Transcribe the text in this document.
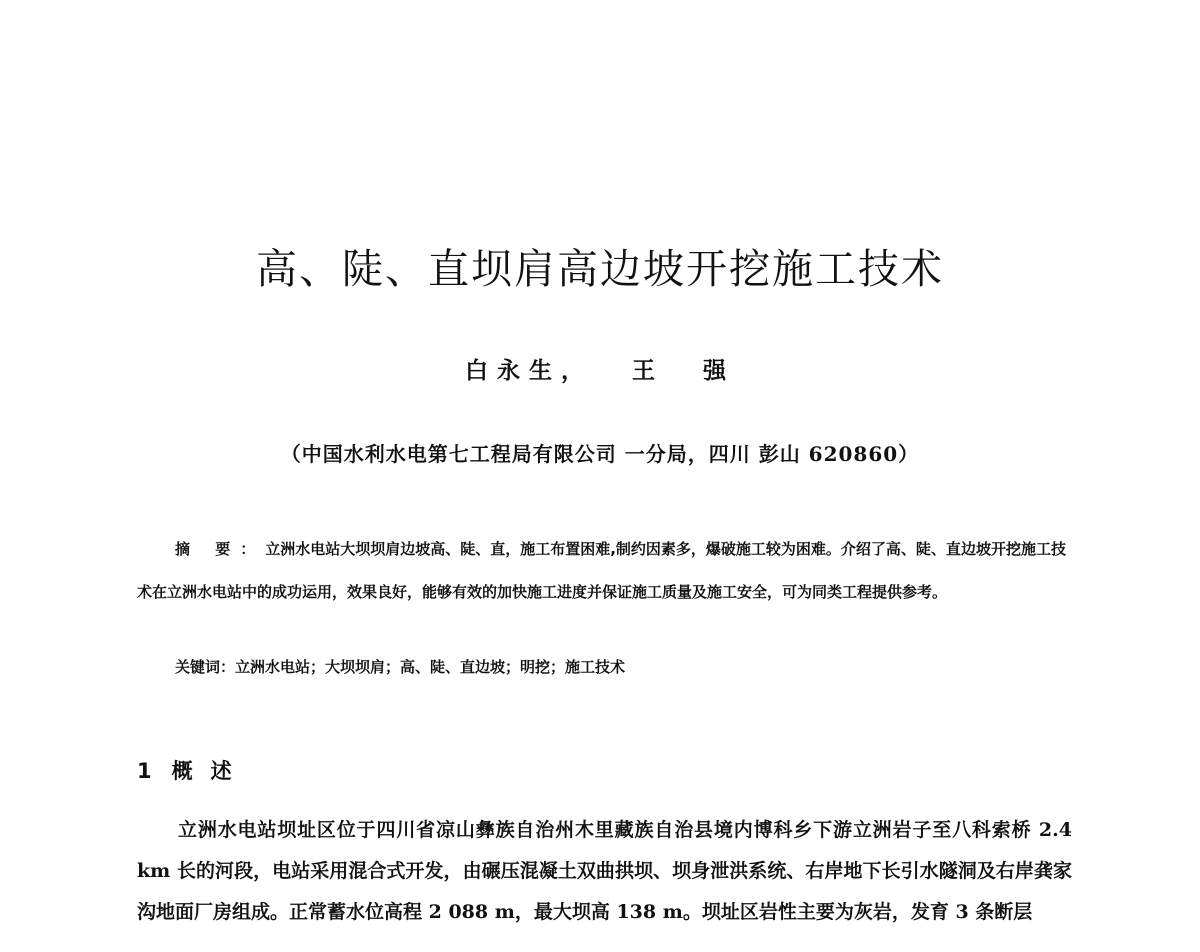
高、陡、直坝肩高边坡开挖施工技术

白永生， 王 强

（中国水利水电第七工程局有限公司 一分局，四川 彭山 620860）

摘 要：立洲水电站大坝坝肩边坡高、陡、直，施工布置困难,制约因素多，爆破施工较为困难。介绍了高、陡、直边坡开挖施工技术在立洲水电站中的成功运用，效果良好，能够有效的加快施工进度并保证施工质量及施工安全，可为同类工程提供参考。

关键词：立洲水电站；大坝坝肩；高、陡、直边坡；明挖；施工技术

1 概述

立洲水电站坝址区位于四川省凉山彝族自治州木里藏族自治县境内博科乡下游立洲岩子至八科索桥 2.4 km 长的河段，电站采用混合式开发，由碾压混凝土双曲拱坝、坝身泄洪系统、右岸地下长引水隧洞及右岸龚家沟地面厂房组成。正常蓄水位高程 2 088 m，最大坝高 138 m。坝址区岩性主要为灰岩，发育 3 条断层
